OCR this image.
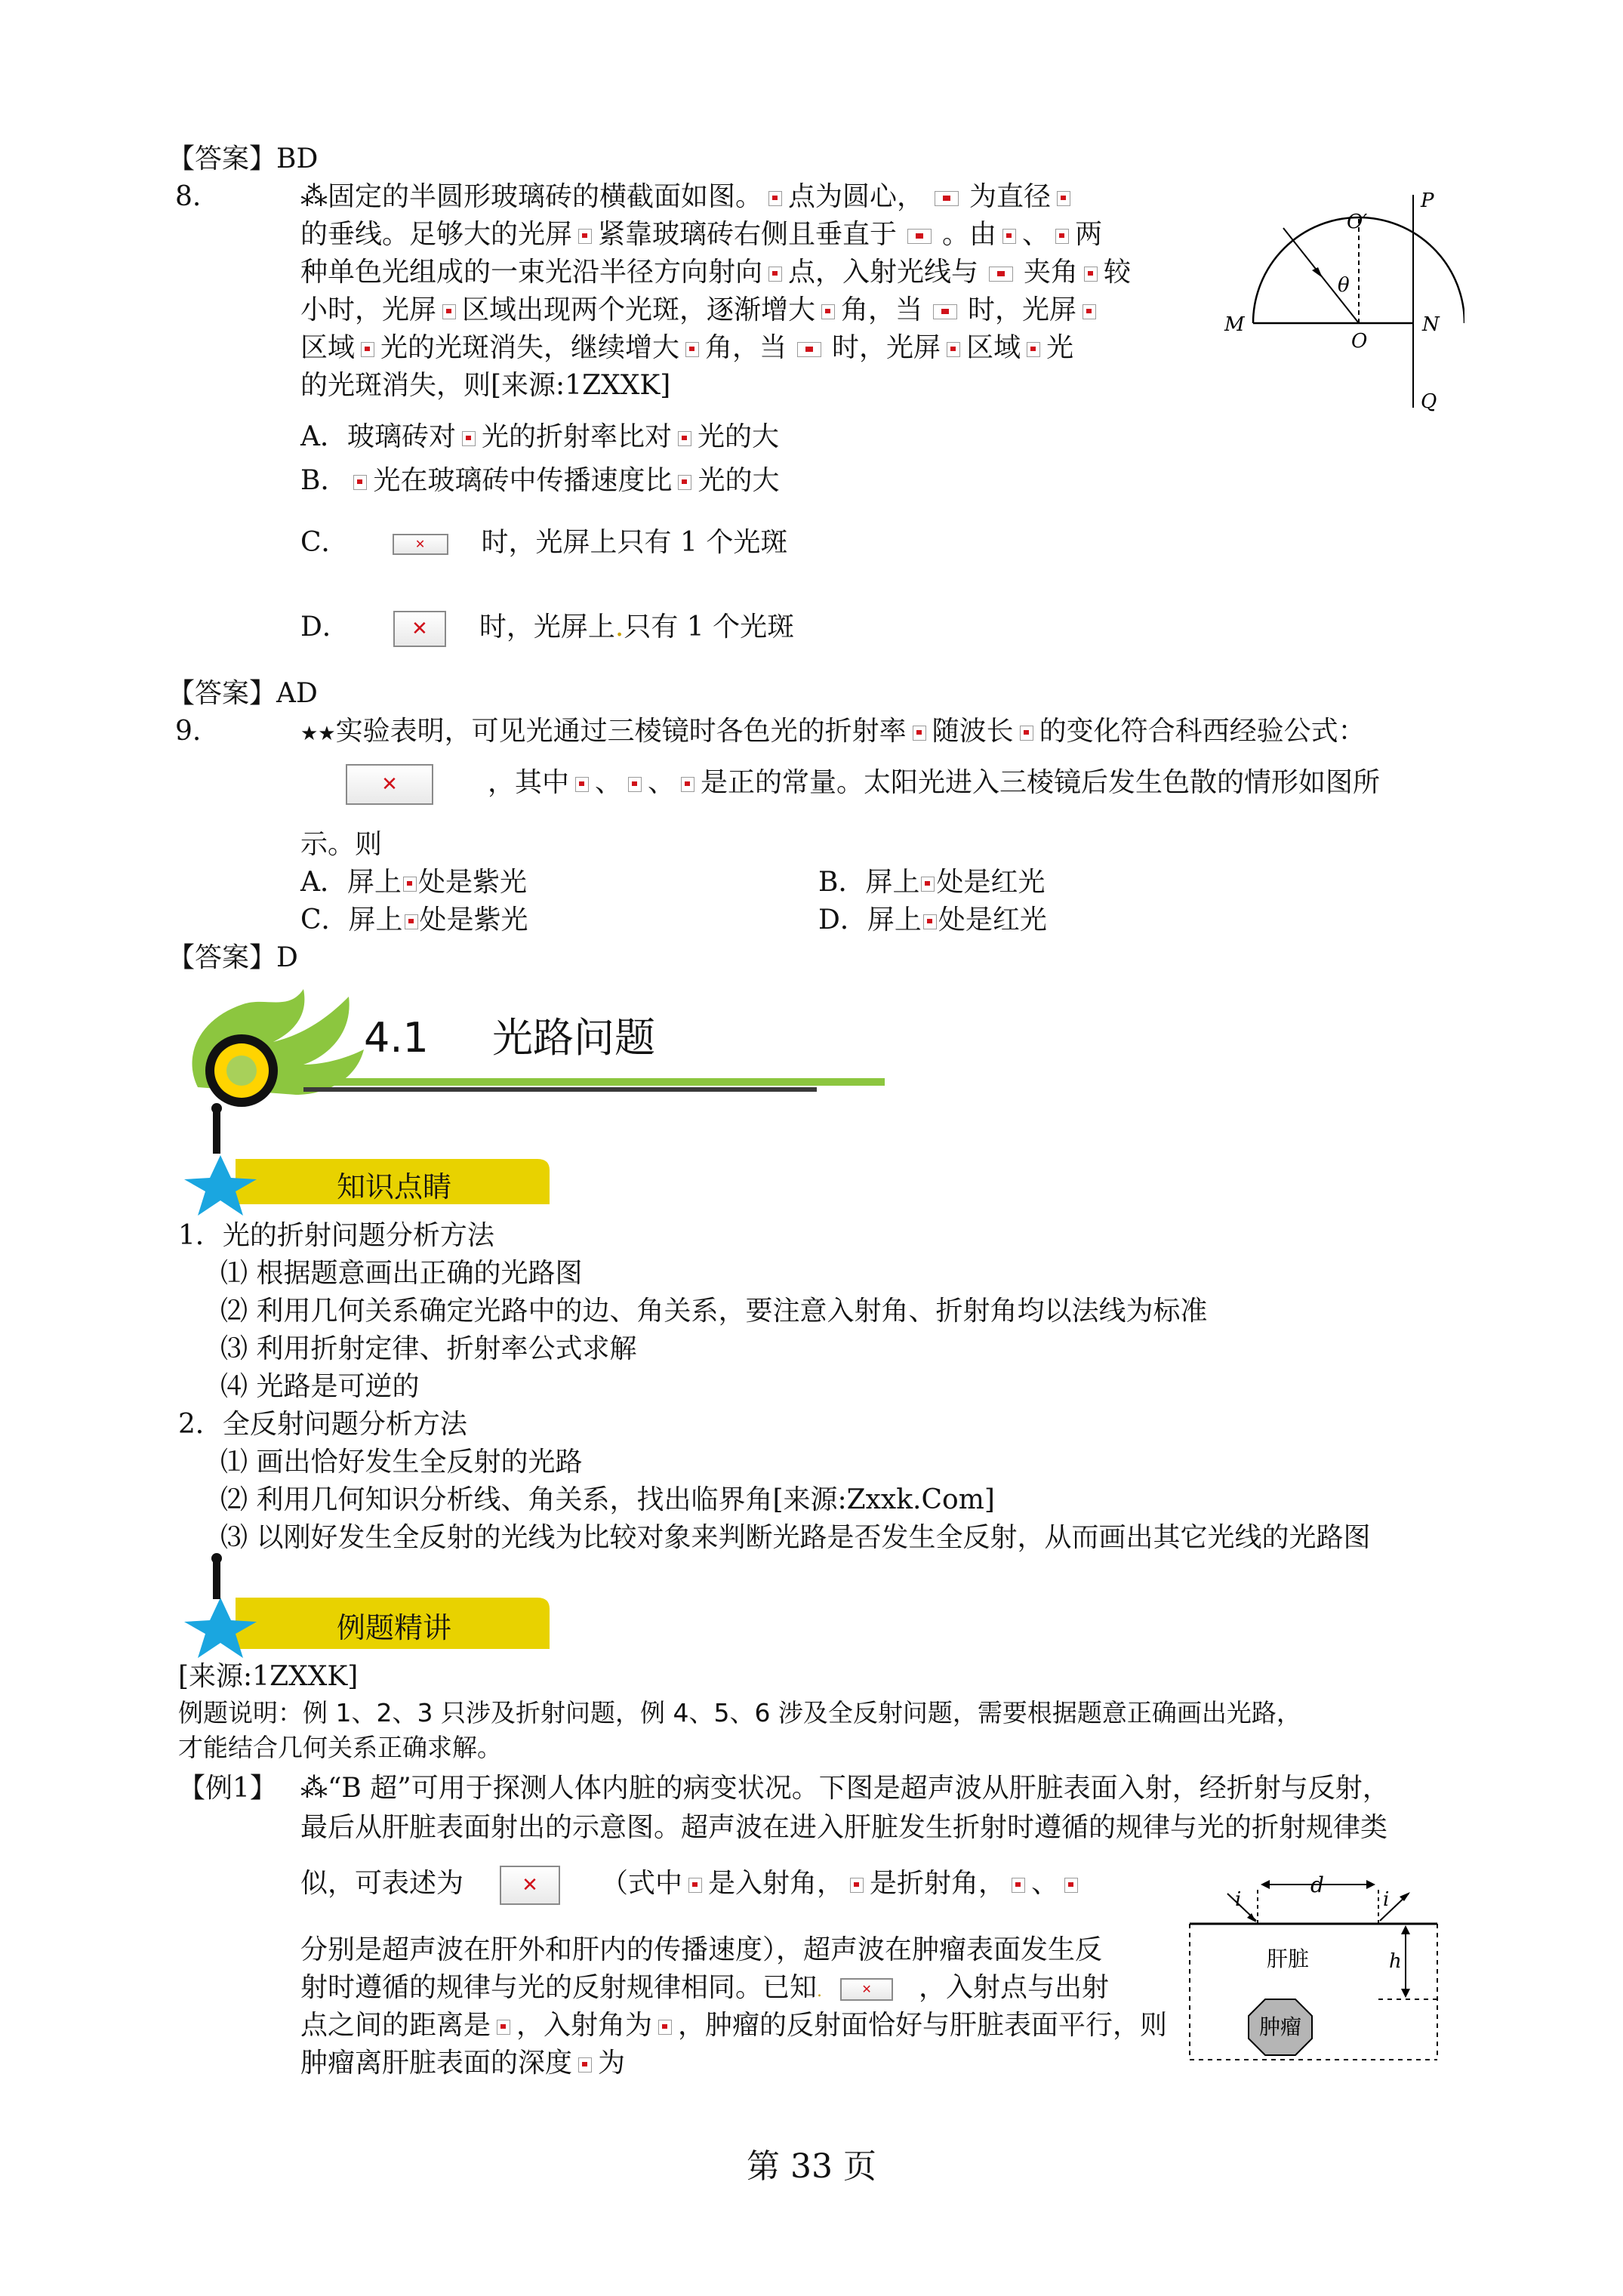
【答案】BD
8.	⁂固定的半圆形玻璃砖的横截面如图。 点为圆心， 为直径
的垂线。足够大的光屏 紧靠玻璃砖右侧且垂直于 。由 、 两
种单色光组成的一束光沿半径方向射向 点，入射光线与 夹角 较
小时，光屏 区域出现两个光斑，逐渐增大 角，当 时，光屏
区域 光的光斑消失，继续增大 角，当 时，光屏 区域 光
的光斑消失，则[来源:1ZXXK]
A．玻璃砖对 光的折射率比对 光的大
B． 光在玻璃砖中传播速度比 光的大
C． ✕	时，光屏上只有 1 个光斑
D． ✕	时，光屏上.只有 1 个光斑
【答案】AD
P
Q
M	N
O
O′
θ
9.	★★实验表明，可见光通过三棱镜时各色光的折射率 随波长 的变化符合科西经验公式：
✕，其中 、 、 是正的常量。太阳光进入三棱镜后发生色散的情形如图所
示。则
A．屏上 处是紫光	B．屏上 处是红光
C．屏上 处是紫光	D．屏上 处是红光
【答案】D
4.1 光路问题
知识点睛
1．光的折射问题分析方法
⑴ 根据题意画出正确的光路图
⑵ 利用几何关系确定光路中的边、角关系，要注意入射角、折射角均以法线为标准
⑶ 利用折射定律、折射率公式求解
⑷ 光路是可逆的
2．全反射问题分析方法
⑴ 画出恰好发生全反射的光路
⑵ 利用几何知识分析线、角关系，找出临界角[来源:Zxxk.Com]
⑶ 以刚好发生全反射的光线为比较对象来判断光路是否发生全反射，从而画出其它光线的光路图
例题精讲
[来源:1ZXXK]
例题说明：例 1、2、3 只涉及折射问题，例 4、5、6 涉及全反射问题，需要根据题意正确画出光路，
才能结合几何关系正确求解。
【例1】 ⁂“B 超”可用于探测人体内脏的病变状况。下图是超声波从肝脏表面入射，经折射与反射，
最后从肝脏表面射出的示意图。超声波在进入肝脏发生折射时遵循的规律与光的折射规律类
似，可表述为 ✕	（式中 是入射角， 是折射角， 、
分别是超声波在肝外和肝内的传播速度），超声波在肿瘤表面发生反
射时遵循的规律与光的反射规律相同。已知. ✕	，入射点与出射
点之间的距离是 ，入射角为 ，肿瘤的反射面恰好与肝脏表面平行，则
肿瘤离肝脏表面的深度 为
i
d
i
h
肝脏
肿瘤
第 33 页
